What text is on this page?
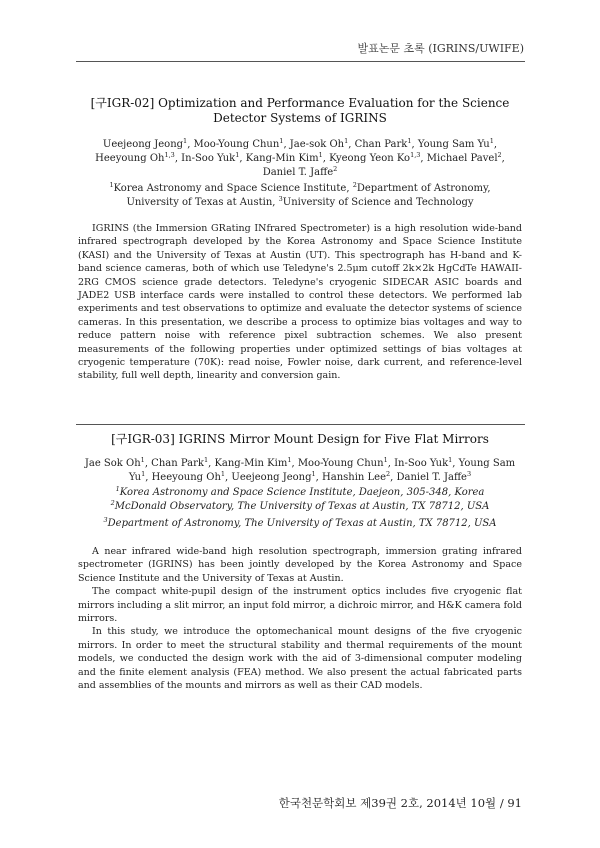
발표논문 초록 (IGRINS/UWIFE)

[구IGR-02] Optimization and Performance Evaluation for the Science
Detector Systems of IGRINS

Ueejeong Jeong$^1$, Moo-Young Chun$^1$, Jae-sok Oh$^1$, Chan Park$^1$, Young Sam Yu$^1$, Heeyoung Oh$^{1,3}$, In-Soo Yuk$^1$, Kang-Min Kim$^1$, Kyeong Yeon Ko$^{1,3}$, Michael Pavel$^2$, Daniel T. Jaffe$^2$

$^1$Korea Astronomy and Space Science Institute, $^2$Department of Astronomy,
University of Texas at Austin, $^3$University of Science and Technology

IGRINS (the Immersion GRating INfrared Spectrometer) is a high resolution wide-band infrared spectrograph developed by the Korea Astronomy and Space Science Institute (KASI) and the University of Texas at Austin (UT). This spectrograph has H-band and K-band science cameras, both of which use Teledyne's 2.5μm cutoff 2k×2k HgCdTe HAWAII-2RG CMOS science grade detectors. Teledyne's cryogenic SIDECAR ASIC boards and JADE2 USB interface cards were installed to control these detectors. We performed lab experiments and test observations to optimize and evaluate the detector systems of science cameras. In this presentation, we describe a process to optimize bias voltages and way to reduce pattern noise with reference pixel subtraction schemes. We also present measurements of the following properties under optimized settings of bias voltages at cryogenic temperature (70K): read noise, Fowler noise, dark current, and reference-level stability, full well depth, linearity and conversion gain.

[구IGR-03] IGRINS Mirror Mount Design for Five Flat Mirrors

Jae Sok Oh$^1$, Chan Park$^1$, Kang-Min Kim$^1$, Moo-Young Chun$^1$, In-Soo Yuk$^1$, Young Sam Yu$^1$, Heeyoung Oh$^1$, Ueejeong Jeong$^1$, Hanshin Lee$^2$, Daniel T. Jaffe$^3$

$^1$Korea Astronomy and Space Science Institute, Daejeon, 305-348, Korea

$^2$McDonald Observatory, The University of Texas at Austin, TX 78712, USA

$^3$Department of Astronomy, The University of Texas at Austin, TX 78712, USA

A near infrared wide-band high resolution spectrograph, immersion grating infrared spectrometer (IGRINS) has been jointly developed by the Korea Astronomy and Space Science Institute and the University of Texas at Austin.

The compact white-pupil design of the instrument optics includes five cryogenic flat mirrors including a slit mirror, an input fold mirror, a dichroic mirror, and H&K camera fold mirrors.

In this study, we introduce the optomechanical mount designs of the five cryogenic mirrors. In order to meet the structural stability and thermal requirements of the mount models, we conducted the design work with the aid of 3-dimensional computer modeling and the finite element analysis (FEA) method. We also present the actual fabricated parts and assemblies of the mounts and mirrors as well as their CAD models.

한국천문학회보 제39권 2호, 2014년 10월 / 91
